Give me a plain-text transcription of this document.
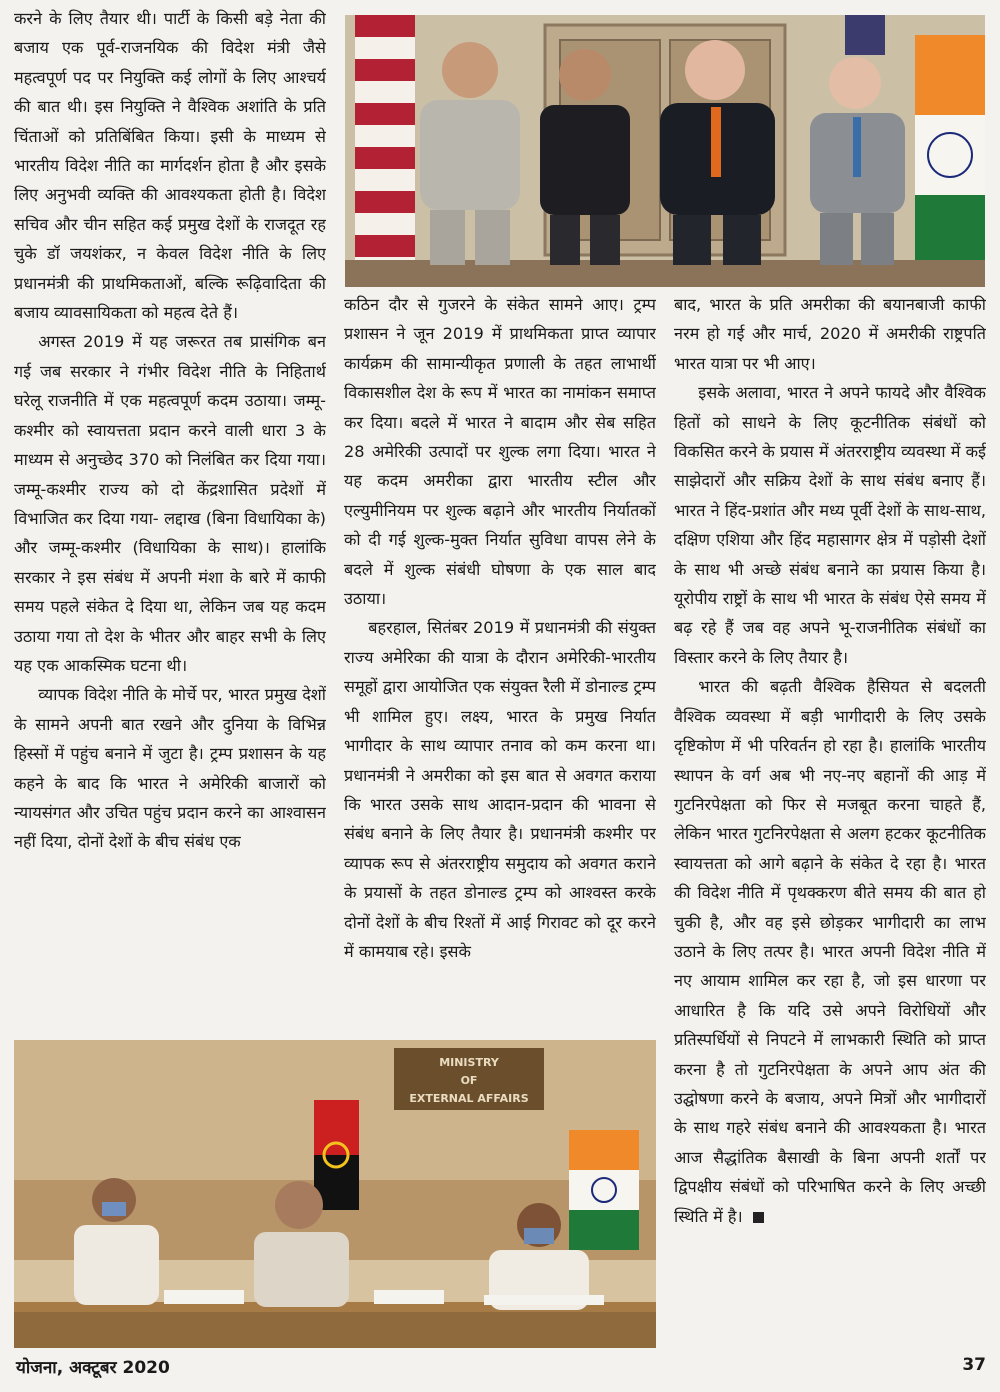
करने के लिए तैयार थी। पार्टी के किसी बड़े नेता की बजाय एक पूर्व-राजनयिक की विदेश मंत्री जैसे महत्वपूर्ण पद पर नियुक्ति कई लोगों के लिए आश्चर्य की बात थी। इस नियुक्ति ने वैश्विक अशांति के प्रति चिंताओं को प्रतिबिंबित किया। इसी के माध्यम से भारतीय विदेश नीति का मार्गदर्शन होता है और इसके लिए अनुभवी व्यक्ति की आवश्यकता होती है। विदेश सचिव और चीन सहित कई प्रमुख देशों के राजदूत रह चुके डॉ जयशंकर, न केवल विदेश नीति के लिए प्रधानमंत्री की प्राथमिकताओं, बल्कि रूढ़िवादिता की बजाय व्यावसायिकता को महत्व देते हैं।

अगस्त 2019 में यह जरूरत तब प्रासंगिक बन गई जब सरकार ने गंभीर विदेश नीति के निहितार्थ घरेलू राजनीति में एक महत्वपूर्ण कदम उठाया। जम्मू-कश्मीर को स्वायत्तता प्रदान करने वाली धारा 3 के माध्यम से अनुच्छेद 370 को निलंबित कर दिया गया। जम्मू-कश्मीर राज्य को दो केंद्रशासित प्रदेशों में विभाजित कर दिया गया- लद्दाख (बिना विधायिका के) और जम्मू-कश्मीर (विधायिका के साथ)। हालांकि सरकार ने इस संबंध में अपनी मंशा के बारे में काफी समय पहले संकेत दे दिया था, लेकिन जब यह कदम उठाया गया तो देश के भीतर और बाहर सभी के लिए यह एक आकस्मिक घटना थी।

व्यापक विदेश नीति के मोर्चे पर, भारत प्रमुख देशों के सामने अपनी बात रखने और दुनिया के विभिन्न हिस्सों में पहुंच बनाने में जुटा है। ट्रम्प प्रशासन के यह कहने के बाद कि भारत ने अमेरिकी बाजारों को न्यायसंगत और उचित पहुंच प्रदान करने का आश्वासन नहीं दिया, दोनों देशों के बीच संबंध एक

कठिन दौर से गुजरने के संकेत सामने आए। ट्रम्प प्रशासन ने जून 2019 में प्राथमिकता प्राप्त व्यापार कार्यक्रम की सामान्यीकृत प्रणाली के तहत लाभार्थी विकासशील देश के रूप में भारत का नामांकन समाप्त कर दिया। बदले में भारत ने बादाम और सेब सहित 28 अमेरिकी उत्पादों पर शुल्क लगा दिया। भारत ने यह कदम अमरीका द्वारा भारतीय स्टील और एल्युमीनियम पर शुल्क बढ़ाने और भारतीय निर्यातकों को दी गई शुल्क-मुक्त निर्यात सुविधा वापस लेने के बदले में शुल्क संबंधी घोषणा के एक साल बाद उठाया।

बहरहाल, सितंबर 2019 में प्रधानमंत्री की संयुक्त राज्य अमेरिका की यात्रा के दौरान अमेरिकी-भारतीय समूहों द्वारा आयोजित एक संयुक्त रैली में डोनाल्ड ट्रम्प भी शामिल हुए। लक्ष्य, भारत के प्रमुख निर्यात भागीदार के साथ व्यापार तनाव को कम करना था। प्रधानमंत्री ने अमरीका को इस बात से अवगत कराया कि भारत उसके साथ आदान-प्रदान की भावना से संबंध बनाने के लिए तैयार है। प्रधानमंत्री कश्मीर पर व्यापक रूप से अंतरराष्ट्रीय समुदाय को अवगत कराने के प्रयासों के तहत डोनाल्ड ट्रम्प को आश्वस्त करके दोनों देशों के बीच रिश्तों में आई गिरावट को दूर करने में कामयाब रहे। इसके

बाद, भारत के प्रति अमरीका की बयानबाजी काफी नरम हो गई और मार्च, 2020 में अमरीकी राष्ट्रपति भारत यात्रा पर भी आए।

इसके अलावा, भारत ने अपने फायदे और वैश्विक हितों को साधने के लिए कूटनीतिक संबंधों को विकसित करने के प्रयास में अंतरराष्ट्रीय व्यवस्था में कई साझेदारों और सक्रिय देशों के साथ संबंध बनाए हैं। भारत ने हिंद-प्रशांत और मध्य पूर्वी देशों के साथ-साथ, दक्षिण एशिया और हिंद महासागर क्षेत्र में पड़ोसी देशों के साथ भी अच्छे संबंध बनाने का प्रयास किया है। यूरोपीय राष्ट्रों के साथ भी भारत के संबंध ऐसे समय में बढ़ रहे हैं जब वह अपने भू-राजनीतिक संबंधों का विस्तार करने के लिए तैयार है।

भारत की बढ़ती वैश्विक हैसियत से बदलती वैश्विक व्यवस्था में बड़ी भागीदारी के लिए उसके दृष्टिकोण में भी परिवर्तन हो रहा है। हालांकि भारतीय स्थापन के वर्ग अब भी नए-नए बहानों की आड़ में गुटनिरपेक्षता को फिर से मजबूत करना चाहते हैं, लेकिन भारत गुटनिरपेक्षता से अलग हटकर कूटनीतिक स्वायत्तता को आगे बढ़ाने के संकेत दे रहा है। भारत की विदेश नीति में पृथक्करण बीते समय की बात हो चुकी है, और वह इसे छोड़कर भागीदारी का लाभ उठाने के लिए तत्पर है। भारत अपनी विदेश नीति में नए आयाम शामिल कर रहा है, जो इस धारणा पर आधारित है कि यदि उसे अपने विरोधियों और प्रतिस्पर्धियों से निपटने में लाभकारी स्थिति को प्राप्त करना है तो गुटनिरपेक्षता के अपने आप अंत की उद्घोषणा करने के बजाय, अपने मित्रों और भागीदारों के साथ गहरे संबंध बनाने की आवश्यकता है। भारत आज सैद्धांतिक बैसाखी के बिना अपनी शर्तों पर द्विपक्षीय संबंधों को परिभाषित करने के लिए अच्छी स्थिति में है।

MINISTRY
OF
EXTERNAL AFFAIRS
योजना, अक्टूबर 2020	37
